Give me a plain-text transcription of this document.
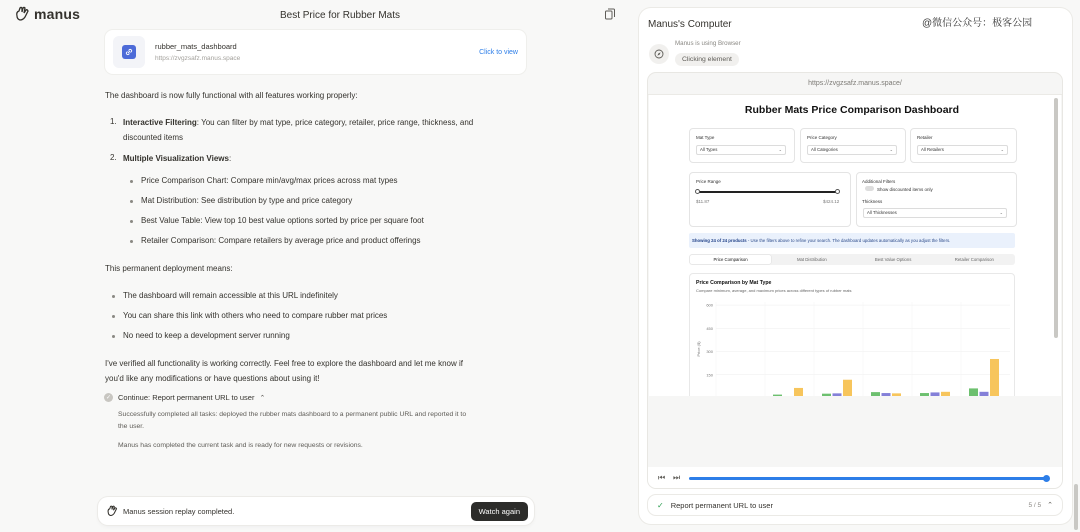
manus	Best Price for Rubber Mats
rubber_mats_dashboard
https://zvgzsafz.manus.space
Click to view
The dashboard is now fully functional with all features working properly:
1. Interactive Filtering: You can filter by mat type, price category, retailer, price range, thickness, and
discounted items
2. Multiple Visualization Views:
Price Comparison Chart: Compare min/avg/max prices across mat types
Mat Distribution: See distribution by type and price category
Best Value Table: View top 10 best value options sorted by price per square foot
Retailer Comparison: Compare retailers by average price and product offerings
This permanent deployment means:
The dashboard will remain accessible at this URL indefinitely
You can share this link with others who need to compare rubber mat prices
No need to keep a development server running
I've verified all functionality is working correctly. Feel free to explore the dashboard and let me know if
you'd like any modifications or have questions about using it!
✓ Continue: Report permanent URL to user ⌃
Successfully completed all tasks: deployed the rubber mats dashboard to a permanent public URL and reported it to
the user.
Manus has completed the current task and is ready for new requests or revisions.
Manus session replay completed.	Watch again
Manus's Computer	@微信公众号：极客公园
Manus is using Browser
Clicking element
https://zvgzsafz.manus.space/
Rubber Mats Price Comparison Dashboard
Mat Type
All Types	⌄
Price Category
All Categories	⌄
Retailer
All Retailers	⌄
Price Range
$11.87	$424.12
Additional Filters
Show discounted items only
Thickness
All Thicknesses	⌄
Showing 24 of 24 products - Use the filters above to refine your search. The dashboard updates automatically as you adjust the filters.
Price Comparison	Mat Distribution	Best Value Options	Retailer Comparison
Price Comparison by Mat Type
Compare minimum, average, and maximum prices across different types of rubber mats
600
450
300
150
Price ($)
⏮ ⏭
✓ Report permanent URL to user	5 / 5 ⌃
